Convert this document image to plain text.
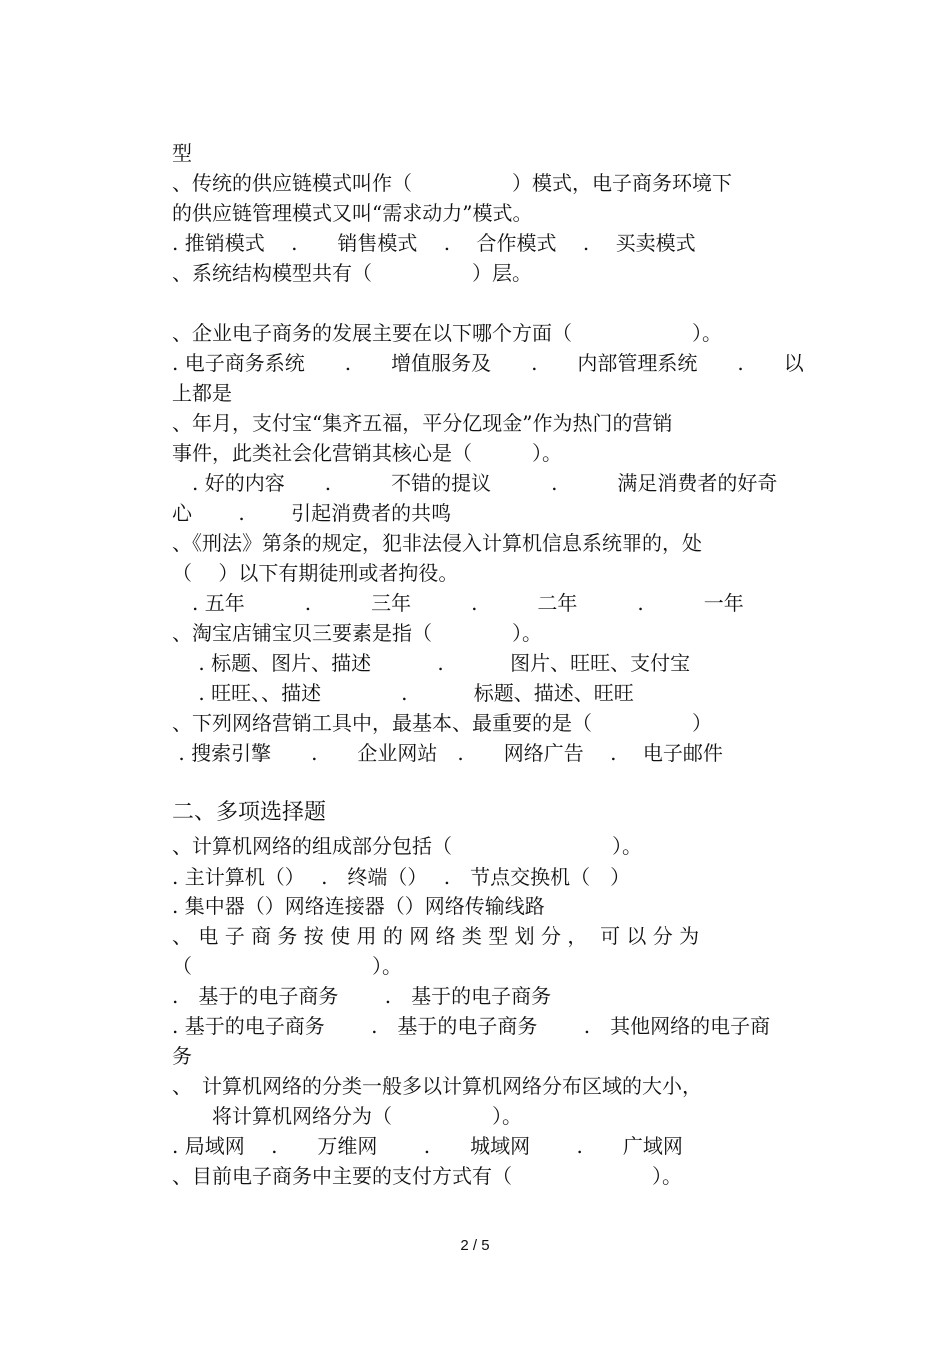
型
、传统的供应链模式叫作（　　　　　）模式，电子商务环境下
的供应链管理模式又叫“需求动力”模式。
. 推销模式　 .　　销售模式　 .　 合作模式　 .　 买卖模式
、系统结构模型共有（　　　　　）层。
、企业电子商务的发展主要在以下哪个方面（　　　　　　）。
. 电子商务系统　　.　　增值服务及　　.　　内部管理系统　　.　　以
上都是
、年月，支付宝“集齐五福，平分亿现金”作为热门的营销
事件，此类社会化营销其核心是（　　　）。
　. 好的内容　　.　　　不错的提议　　　.　　　满足消费者的好奇
心　　 .　　 引起消费者的共鸣
、《刑法》第条的规定，犯非法侵入计算机信息系统罪的，处
（　 ）以下有期徒刑或者拘役。
　. 五年　　　.　　　三年　　　.　　　二年　　　.　　　一年
、淘宝店铺宝贝三要素是指（　　　　）。
　 . 标题、图片、描述　　　 .　　　 图片、旺旺、支付宝
　 . 旺旺、、描述　　　　.　　　 标题、描述、旺旺
、下列网络营销工具中，最基本、最重要的是（　　　　　）
. 搜索引擎　　.　　企业网站　.　　网络广告　 .　 电子邮件
二、多项选择题
、计算机网络的组成部分包括（　　　　　　　　）。
. 主计算机（）　 .　终端（）　 .　节点交换机（　）
. 集中器（）网络连接器（）网络传输线路
、 电 子 商 务 按 使 用 的 网 络 类 型 划 分 ，  可 以 分 为
（　　　　　　　　　）。
.　基于的电子商务　　 .　基于的电子商务
. 基于的电子商务　　 .　基于的电子商务　　 .　其他网络的电子商
务
、　计算机网络的分类一般多以计算机网络分布区域的大小，
　　将计算机网络分为（　　　　　）。
. 局域网　 .　　万维网　　 .　　城域网　　 .　　广域网
、目前电子商务中主要的支付方式有（　　　　　　　）。
2 / 5
